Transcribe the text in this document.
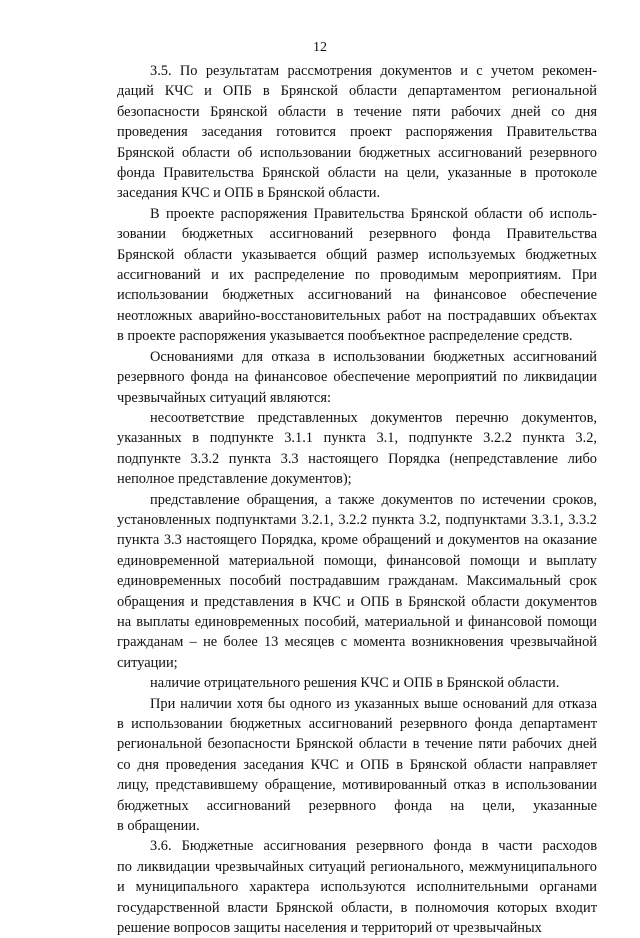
12
3.5. По результатам рассмотрения документов и с учетом рекомен-
даций КЧС и ОПБ в Брянской области департаментом региональной
безопасности Брянской области в течение пяти рабочих дней со дня
проведения заседания готовится проект распоряжения Правительства
Брянской области об использовании бюджетных ассигнований резервного
фонда Правительства Брянской области на цели, указанные в протоколе
заседания КЧС и ОПБ в Брянской области.
В проекте распоряжения Правительства Брянской области об исполь-
зовании бюджетных ассигнований резервного фонда Правительства
Брянской области указывается общий размер используемых бюджетных
ассигнований и их распределение по проводимым мероприятиям. При
использовании бюджетных ассигнований на финансовое обеспечение
неотложных аварийно-восстановительных работ на пострадавших объектах
в проекте распоряжения указывается пообъектное распределение средств.
Основаниями для отказа в использовании бюджетных ассигнований
резервного фонда на финансовое обеспечение мероприятий по ликвидации
чрезвычайных ситуаций являются:
несоответствие представленных документов перечню документов,
указанных в подпункте 3.1.1 пункта 3.1, подпункте 3.2.2 пункта 3.2,
подпункте 3.3.2 пункта 3.3 настоящего Порядка (непредставление либо
неполное представление документов);
представление обращения, а также документов по истечении сроков,
установленных подпунктами 3.2.1, 3.2.2 пункта 3.2, подпунктами 3.3.1, 3.3.2
пункта 3.3 настоящего Порядка, кроме обращений и документов на оказание
единовременной материальной помощи, финансовой помощи и выплату
единовременных пособий пострадавшим гражданам. Максимальный срок
обращения и представления в КЧС и ОПБ в Брянской области документов
на выплаты единовременных пособий, материальной и финансовой помощи
гражданам – не более 13 месяцев с момента возникновения чрезвычайной
ситуации;
наличие отрицательного решения КЧС и ОПБ в Брянской области.
При наличии хотя бы одного из указанных выше оснований для отказа
в использовании бюджетных ассигнований резервного фонда департамент
региональной безопасности Брянской области в течение пяти рабочих дней
со дня проведения заседания КЧС и ОПБ в Брянской области направляет
лицу, представившему обращение, мотивированный отказ в использовании
бюджетных ассигнований резервного фонда на цели, указанные
в обращении.
3.6. Бюджетные ассигнования резервного фонда в части расходов
по ликвидации чрезвычайных ситуаций регионального, межмуниципального
и муниципального характера используются исполнительными органами
государственной власти Брянской области, в полномочия которых входит
решение вопросов защиты населения и территорий от чрезвычайных
